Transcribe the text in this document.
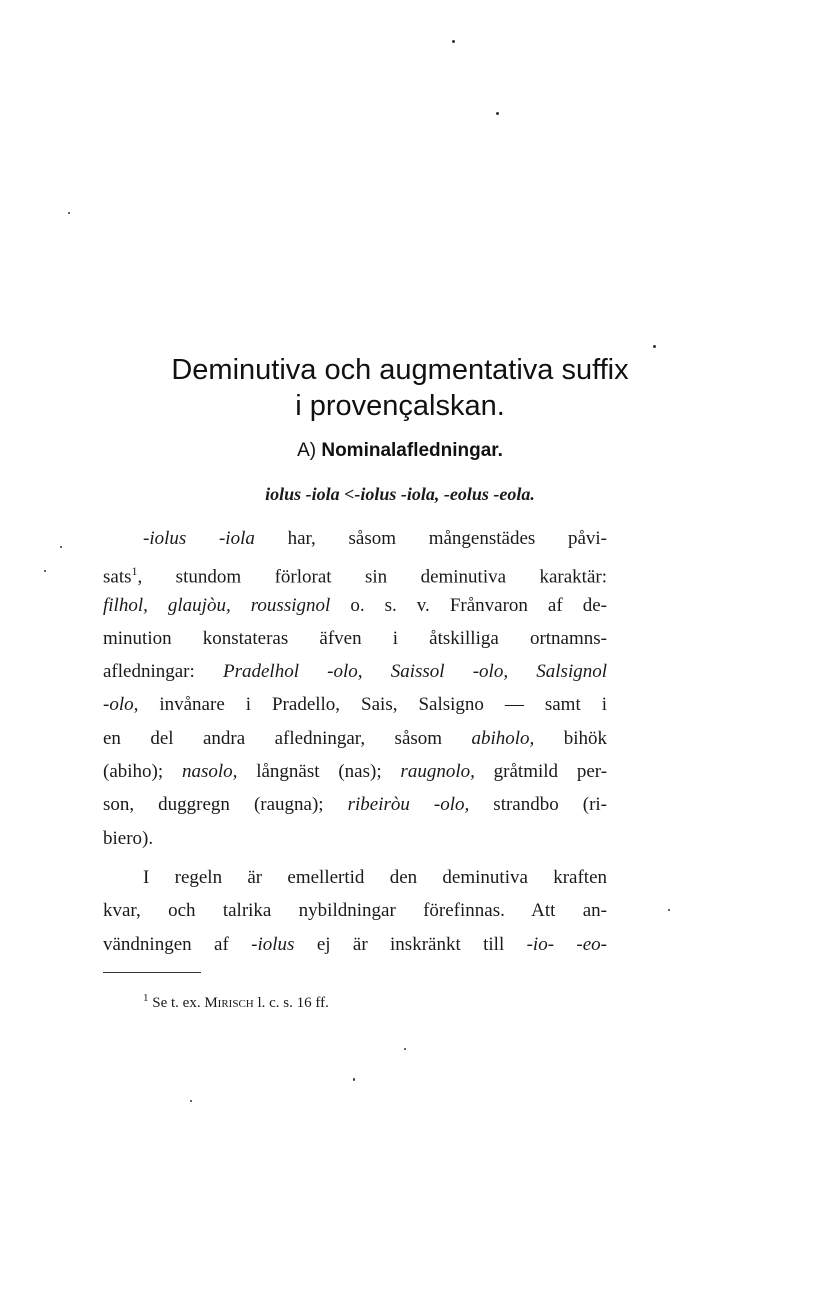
Deminutiva och augmentativa suffix
i provençalskan.
A) Nominalafledningar.
iolus -iola <-iolus -iola, -eolus -eola.
-iolus -iola har, såsom mångenstädes påvi-
sats$^1$, stundom förlorat sin deminutiva karaktär:
filhol, glaujòu, roussignol o. s. v. Frånvaron af de-
minution konstateras äfven i åtskilliga ortnamns-
afledningar: Pradelhol -olo, Saissol -olo, Salsignol
-olo, invånare i Pradello, Sais, Salsigno — samt i
en del andra afledningar, såsom abiholo, bihök
(abiho); nasolo, långnäst (nas); raugnolo, gråtmild per-
son, duggregn (raugna); ribeiròu -olo, strandbo (ri-
biero).
I regeln är emellertid den deminutiva kraften
kvar, och talrika nybildningar förefinnas. Att an-
vändningen af -iolus ej är inskränkt till -io- -eo-
$^1$ Se t. ex. Mirisch l. c. s. 16 ff.
